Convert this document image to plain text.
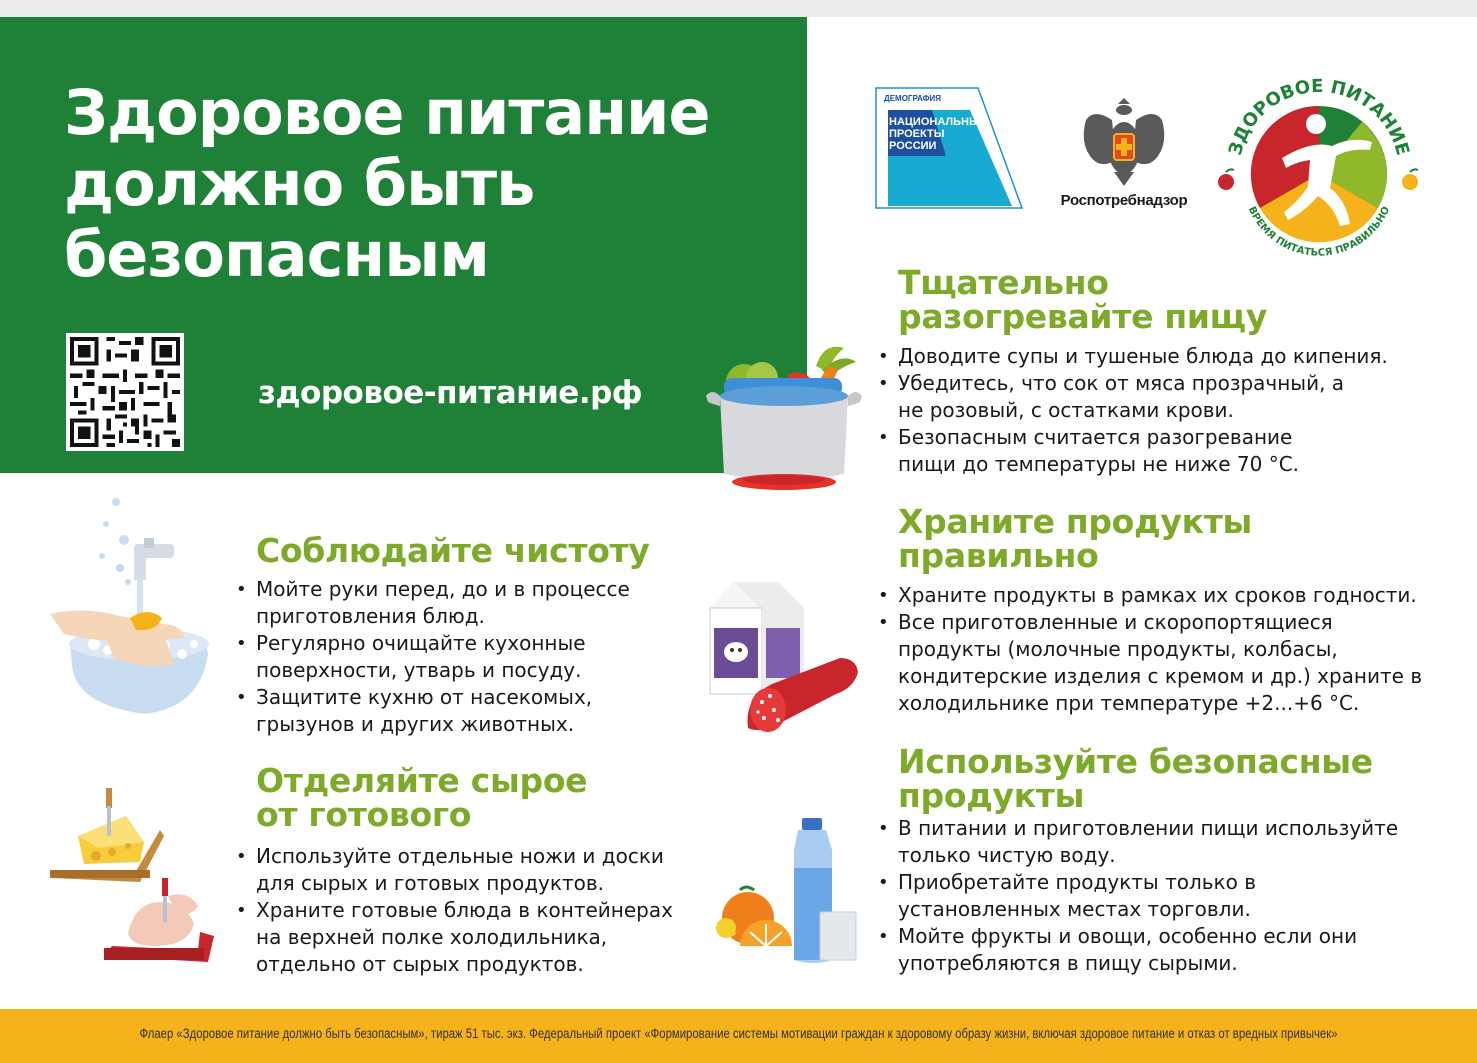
Здоровое питание должно быть безопасным
здоровое-питание.рф
ДЕМОГРАФИЯ
НАЦИОНАЛЬНЫЕ
ПРОЕКТЫ
РОССИИ
Роспотребнадзор
ЗДОРОВОЕ ПИТАНИЕ
ВРЕМЯ ПИТАТЬСЯ ПРАВИЛЬНО
Соблюдайте чистоту
• Мойте руки перед, до и в процессе приготовления блюд.
• Регулярно очищайте кухонные поверхности, утварь и посуду.
• Защитите кухню от насекомых, грызунов и других животных.
Отделяйте сырое
от готового
• Используйте отдельные ножи и доски для сырых и готовых продуктов.
• Храните готовые блюда в контейнерах на верхней полке холодильника, отдельно от сырых продуктов.
Тщательно
разогревайте пищу
• Доводите супы и тушеные блюда до кипения.
• Убедитесь, что сок от мяса прозрачный, а не розовый, с остатками крови.
• Безопасным считается разогревание пищи до температуры не ниже 70 °C.
Храните продукты
правильно
• Храните продукты в рамках их сроков годности.
• Все приготовленные и скоропортящиеся продукты (молочные продукты, колбасы, кондитерские изделия с кремом и др.) храните в холодильнике при температуре +2...+6 °C.
Используйте безопасные
продукты
• В питании и приготовлении пищи используйте только чистую воду.
• Приобретайте продукты только в установленных местах торговли.
• Мойте фрукты и овощи, особенно если они употребляются в пищу сырыми.
Флаер «Здоровое питание должно быть безопасным», тираж 51 тыс. экз. Федеральный проект «Формирование системы мотивации граждан к здоровому образу жизни, включая здоровое питание и отказ от вредных привычек»
